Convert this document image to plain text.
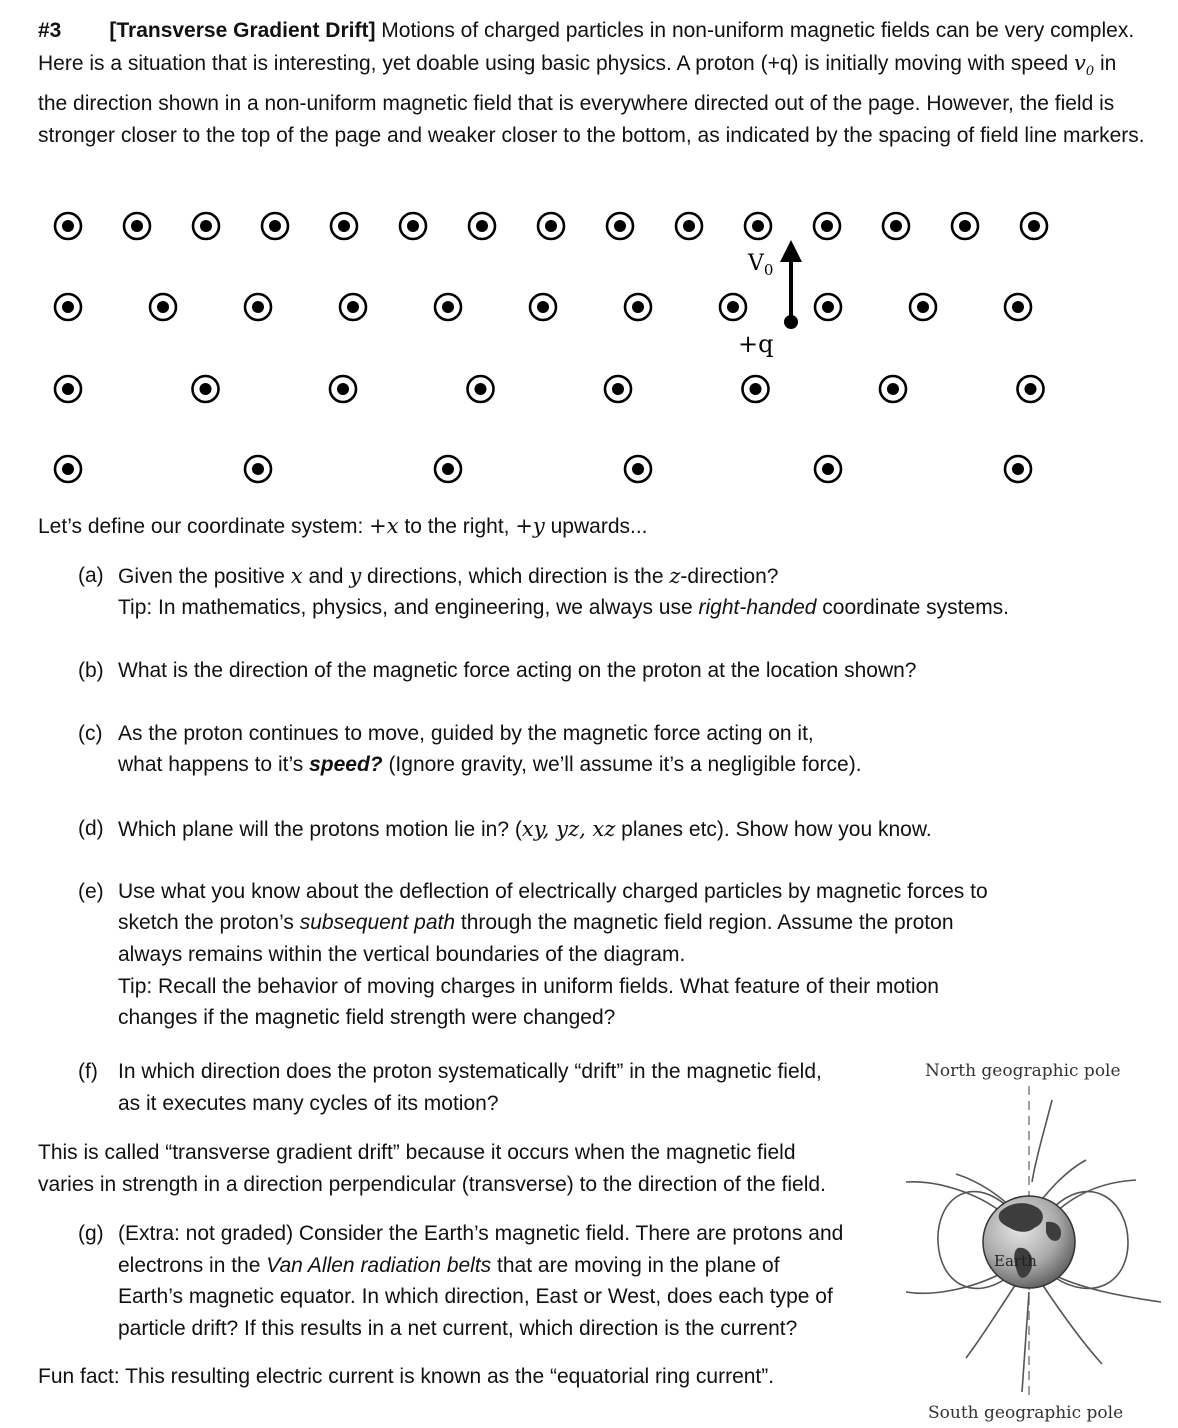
#3 [Transverse Gradient Drift] Motions of charged particles in non-uniform magnetic fields can be very complex. Here is a situation that is interesting, yet doable using basic physics. A proton (+q) is initially moving with speed $v_0$ in the direction shown in a non-uniform magnetic field that is everywhere directed out of the page. However, the field is stronger closer to the top of the page and weaker closer to the bottom, as indicated by the spacing of field line markers.
$V_0$
+q
Let’s define our coordinate system: +x to the right, +y upwards...
(a) Given the positive x and y directions, which direction is the z-direction?
Tip: In mathematics, physics, and engineering, we always use right-handed coordinate systems.
(b) What is the direction of the magnetic force acting on the proton at the location shown?
(c) As the proton continues to move, guided by the magnetic force acting on it,
what happens to it’s speed? (Ignore gravity, we’ll assume it’s a negligible force).
(d) Which plane will the protons motion lie in? (xy, yz, xz planes etc). Show how you know.
(e) Use what you know about the deflection of electrically charged particles by magnetic forces to
sketch the proton’s subsequent path through the magnetic field region. Assume the proton
always remains within the vertical boundaries of the diagram.
Tip: Recall the behavior of moving charges in uniform fields. What feature of their motion
changes if the magnetic field strength were changed?
(f) In which direction does the proton systematically “drift” in the magnetic field,
as it executes many cycles of its motion?
This is called “transverse gradient drift” because it occurs when the magnetic field
varies in strength in a direction perpendicular (transverse) to the direction of the field.
(g) (Extra: not graded) Consider the Earth’s magnetic field. There are protons and
electrons in the Van Allen radiation belts that are moving in the plane of
Earth’s magnetic equator. In which direction, East or West, does each type of
particle drift? If this results in a net current, which direction is the current?
Fun fact: This resulting electric current is known as the “equatorial ring current”.
North geographic pole
South geographic pole
Earth
